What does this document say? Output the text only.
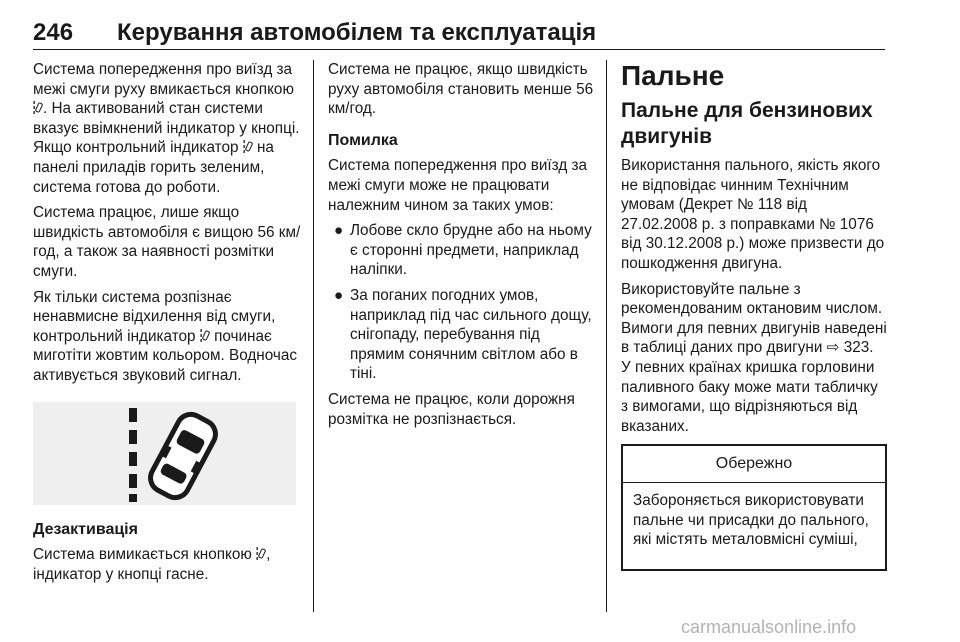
246 Керування автомобілем та експлуатація

Система попередження про виїзд за межі смуги руху вмикається кнопкою . На активований стан системи вказує ввімкнений індикатор у кнопці. Якщо контрольний індикатор на панелі приладів горить зеленим, система готова до роботи.

Система працює, лише якщо швидкість автомобіля є вищою 56 км/год, а також за наявності розмітки смуги.

Як тільки система розпізнає ненавмисне відхилення від смуги, контрольний індикатор починає миготіти жовтим кольором. Водночас активується звуковий сигнал.

Дезактивація

Система вимикається кнопкою , індикатор у кнопці гасне.

Система не працює, якщо швидкість руху автомобіля становить менше 56 км/год.

Помилка

Система попередження про виїзд за межі смуги може не працювати належним чином за таких умов:

● Лобове скло брудне або на ньому є сторонні предмети, наприклад наліпки.
● За поганих погодних умов, наприклад під час сильного дощу, снігопаду, перебування під прямим сонячним світлом або в тіні.

Система не працює, коли дорожня розмітка не розпізнається.

Пальне

Пальне для бензинових двигунів

Використання пального, якість якого не відповідає чинним Технічним умовам (Декрет № 118 від 27.02.2008 р. з поправками № 1076 від 30.12.2008 р.) може призвести до пошкодження двигуна.

Використовуйте пальне з рекомендованим октановим числом. Вимоги для певних двигунів наведені в таблиці даних про двигуни ⇨ 323. У певних країнах кришка горловини паливного баку може мати табличку з вимогами, що відрізняються від вказаних.

Обережно
Забороняється використовувати пальне чи присадки до пального, які містять металовмісні суміші,
carmanualsonline.info
